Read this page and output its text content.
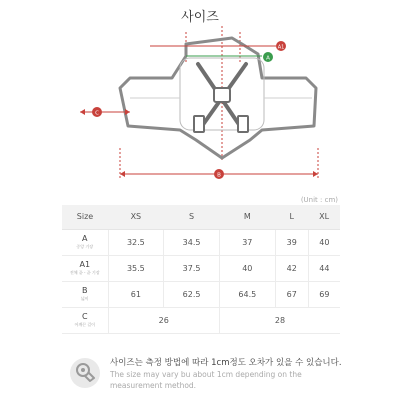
사이즈
A1
A
C
B
(Unit : cm)
Size	XS	S	M	L	XL

A
중앙 기장	32.5	34.5	37	39	40

A1
전체 끝 - 끝 기장	35.5	37.5	40	42	44

B
넓이	61	62.5	64.5	67	69

C
어깨끈 길이	26		28		
사이즈는 측정 방법에 따라 1cm정도 오차가 있을 수 있습니다.
The size may vary bu about 1cm depending on the measurement method.
